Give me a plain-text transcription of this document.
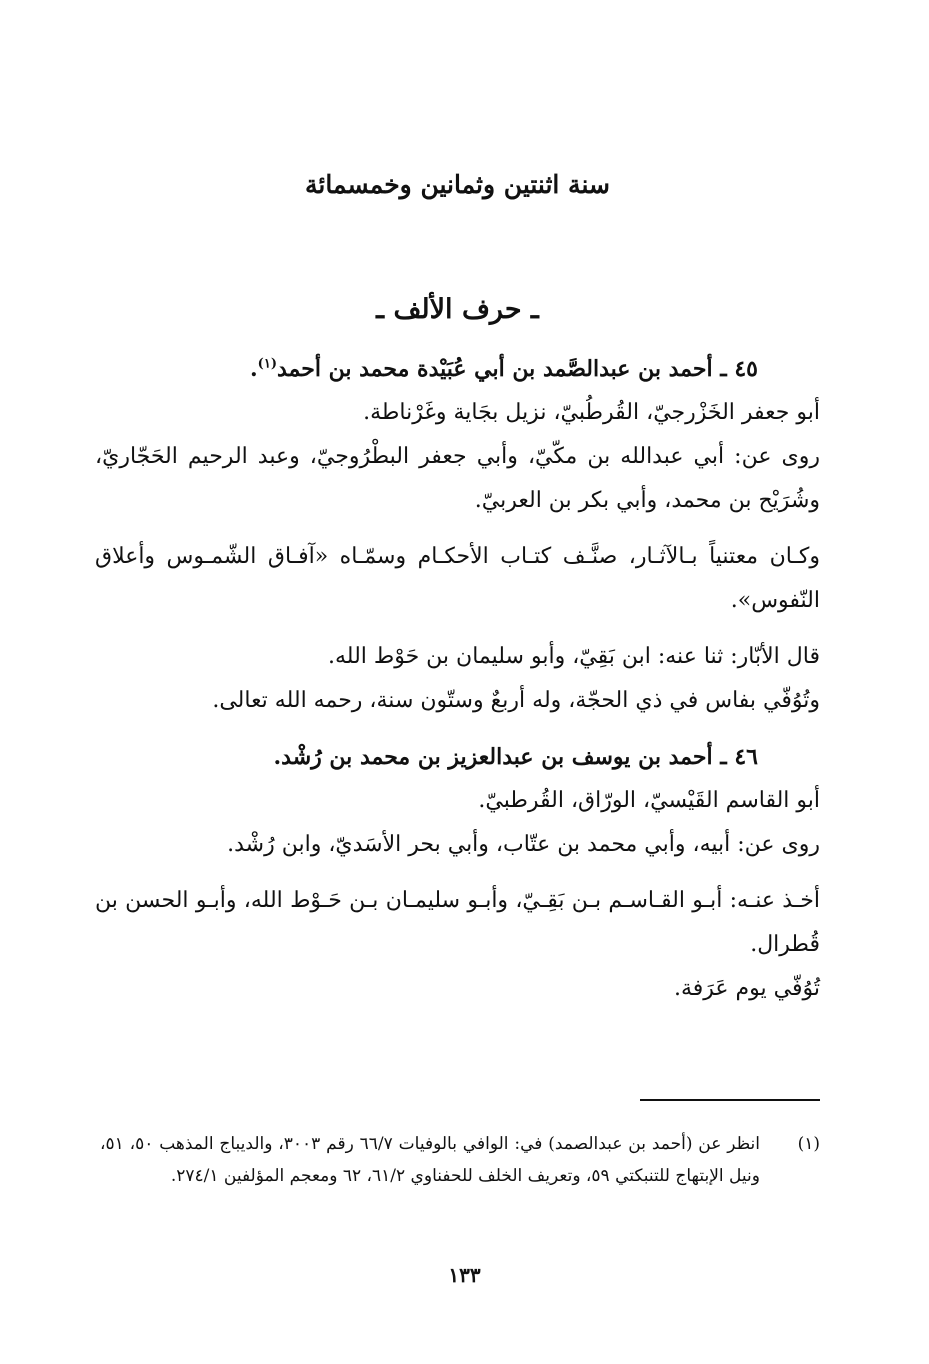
سنة اثنتين وثمانين وخمسمائة
ـ حرف الألف ـ
٤٥ ـ أحمد بن عبدالصَّمد بن أبي عُبَيْدة محمد بن أحمد$^{(١)}$.
أبو جعفر الخَزْرجيّ، القُرطُبيّ، نزيل بجَاية وغَرْناطة.
روى عن: أبي عبدالله بن مكّيّ، وأبي جعفر البطْرُوجيّ، وعبد الرحيم الحَجّاريّ، وشُرَيْح بن محمد، وأبي بكر بن العربيّ.
وكـان معتنياً بـالآثـار، صنَّـف كتـاب الأحكـام وسمّـاه «آفـاق الشّمـوس وأعلاق النّفوس».
قال الأبّار: ثنا عنه: ابن بَقِيّ، وأبو سليمان بن حَوْط الله.
وتُوُفّي بفاس في ذي الحجّة، وله أربعٌ وستّون سنة، رحمه الله تعالى.
٤٦ ـ أحمد بن يوسف بن عبدالعزيز بن محمد بن رُشْد.
أبو القاسم القَيْسيّ، الورّاق، القُرطبيّ.
روى عن: أبيه، وأبي محمد بن عتّاب، وأبي بحر الأسَديّ، وابن رُشْد.
أخـذ عنـه: أبـو القـاسـم بـن بَقِـيّ، وأبـو سليمـان بـن حَـوْط الله، وأبـو الحسن بن قُطرال.
تُوُفّي يوم عَرَفة.
(١)
انظر عن (أحمد بن عبدالصمد) في: الوافي بالوفيات ٦٦/٧ رقم ٣٠٠٣، والديباج المذهب ٥٠، ٥١، ونيل الإبتهاج للتنبكتي ٥٩، وتعريف الخلف للحفناوي ٦١/٢، ٦٢ ومعجم المؤلفين ٢٧٤/١.
١٣٣
